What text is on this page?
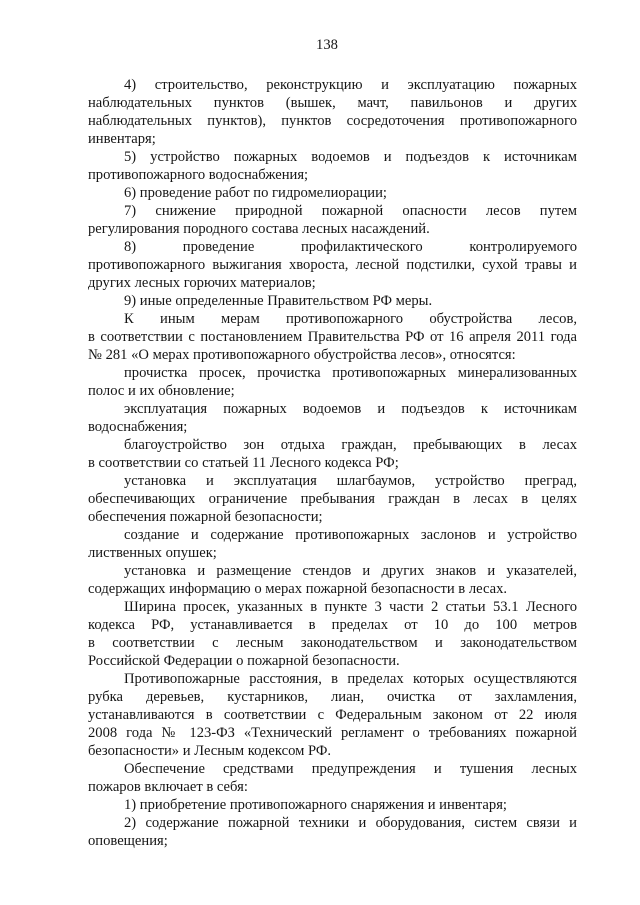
138
4) строительство, реконструкцию и эксплуатацию пожарных
наблюдательных пунктов (вышек, мачт, павильонов и других
наблюдательных пунктов), пунктов сосредоточения противопожарного
инвентаря;
5) устройство пожарных водоемов и подъездов к источникам
противопожарного водоснабжения;
6) проведение работ по гидромелиорации;
7) снижение природной пожарной опасности лесов путем
регулирования породного состава лесных насаждений.
8) проведение профилактического контролируемого
противопожарного выжигания хвороста, лесной подстилки, сухой травы и
других лесных горючих материалов;
9) иные определенные Правительством РФ меры.
К иным мерам противопожарного обустройства лесов,
в соответствии с постановлением Правительства РФ от 16 апреля 2011 года
№ 281 «О мерах противопожарного обустройства лесов», относятся:
прочистка просек, прочистка противопожарных минерализованных
полос и их обновление;
эксплуатация пожарных водоемов и подъездов к источникам
водоснабжения;
благоустройство зон отдыха граждан, пребывающих в лесах
в соответствии со статьей 11 Лесного кодекса РФ;
установка и эксплуатация шлагбаумов, устройство преград,
обеспечивающих ограничение пребывания граждан в лесах в целях
обеспечения пожарной безопасности;
создание и содержание противопожарных заслонов и устройство
лиственных опушек;
установка и размещение стендов и других знаков и указателей,
содержащих информацию о мерах пожарной безопасности в лесах.
Ширина просек, указанных в пункте 3 части 2 статьи 53.1 Лесного
кодекса РФ, устанавливается в пределах от 10 до 100 метров
в соответствии с лесным законодательством и законодательством
Российской Федерации о пожарной безопасности.
Противопожарные расстояния, в пределах которых осуществляются
рубка деревьев, кустарников, лиан, очистка от захламления,
устанавливаются в соответствии с Федеральным законом от 22 июля
2008 года № 123-ФЗ «Технический регламент о требованиях пожарной
безопасности» и Лесным кодексом РФ.
Обеспечение средствами предупреждения и тушения лесных
пожаров включает в себя:
1) приобретение противопожарного снаряжения и инвентаря;
2) содержание пожарной техники и оборудования, систем связи и
оповещения;
